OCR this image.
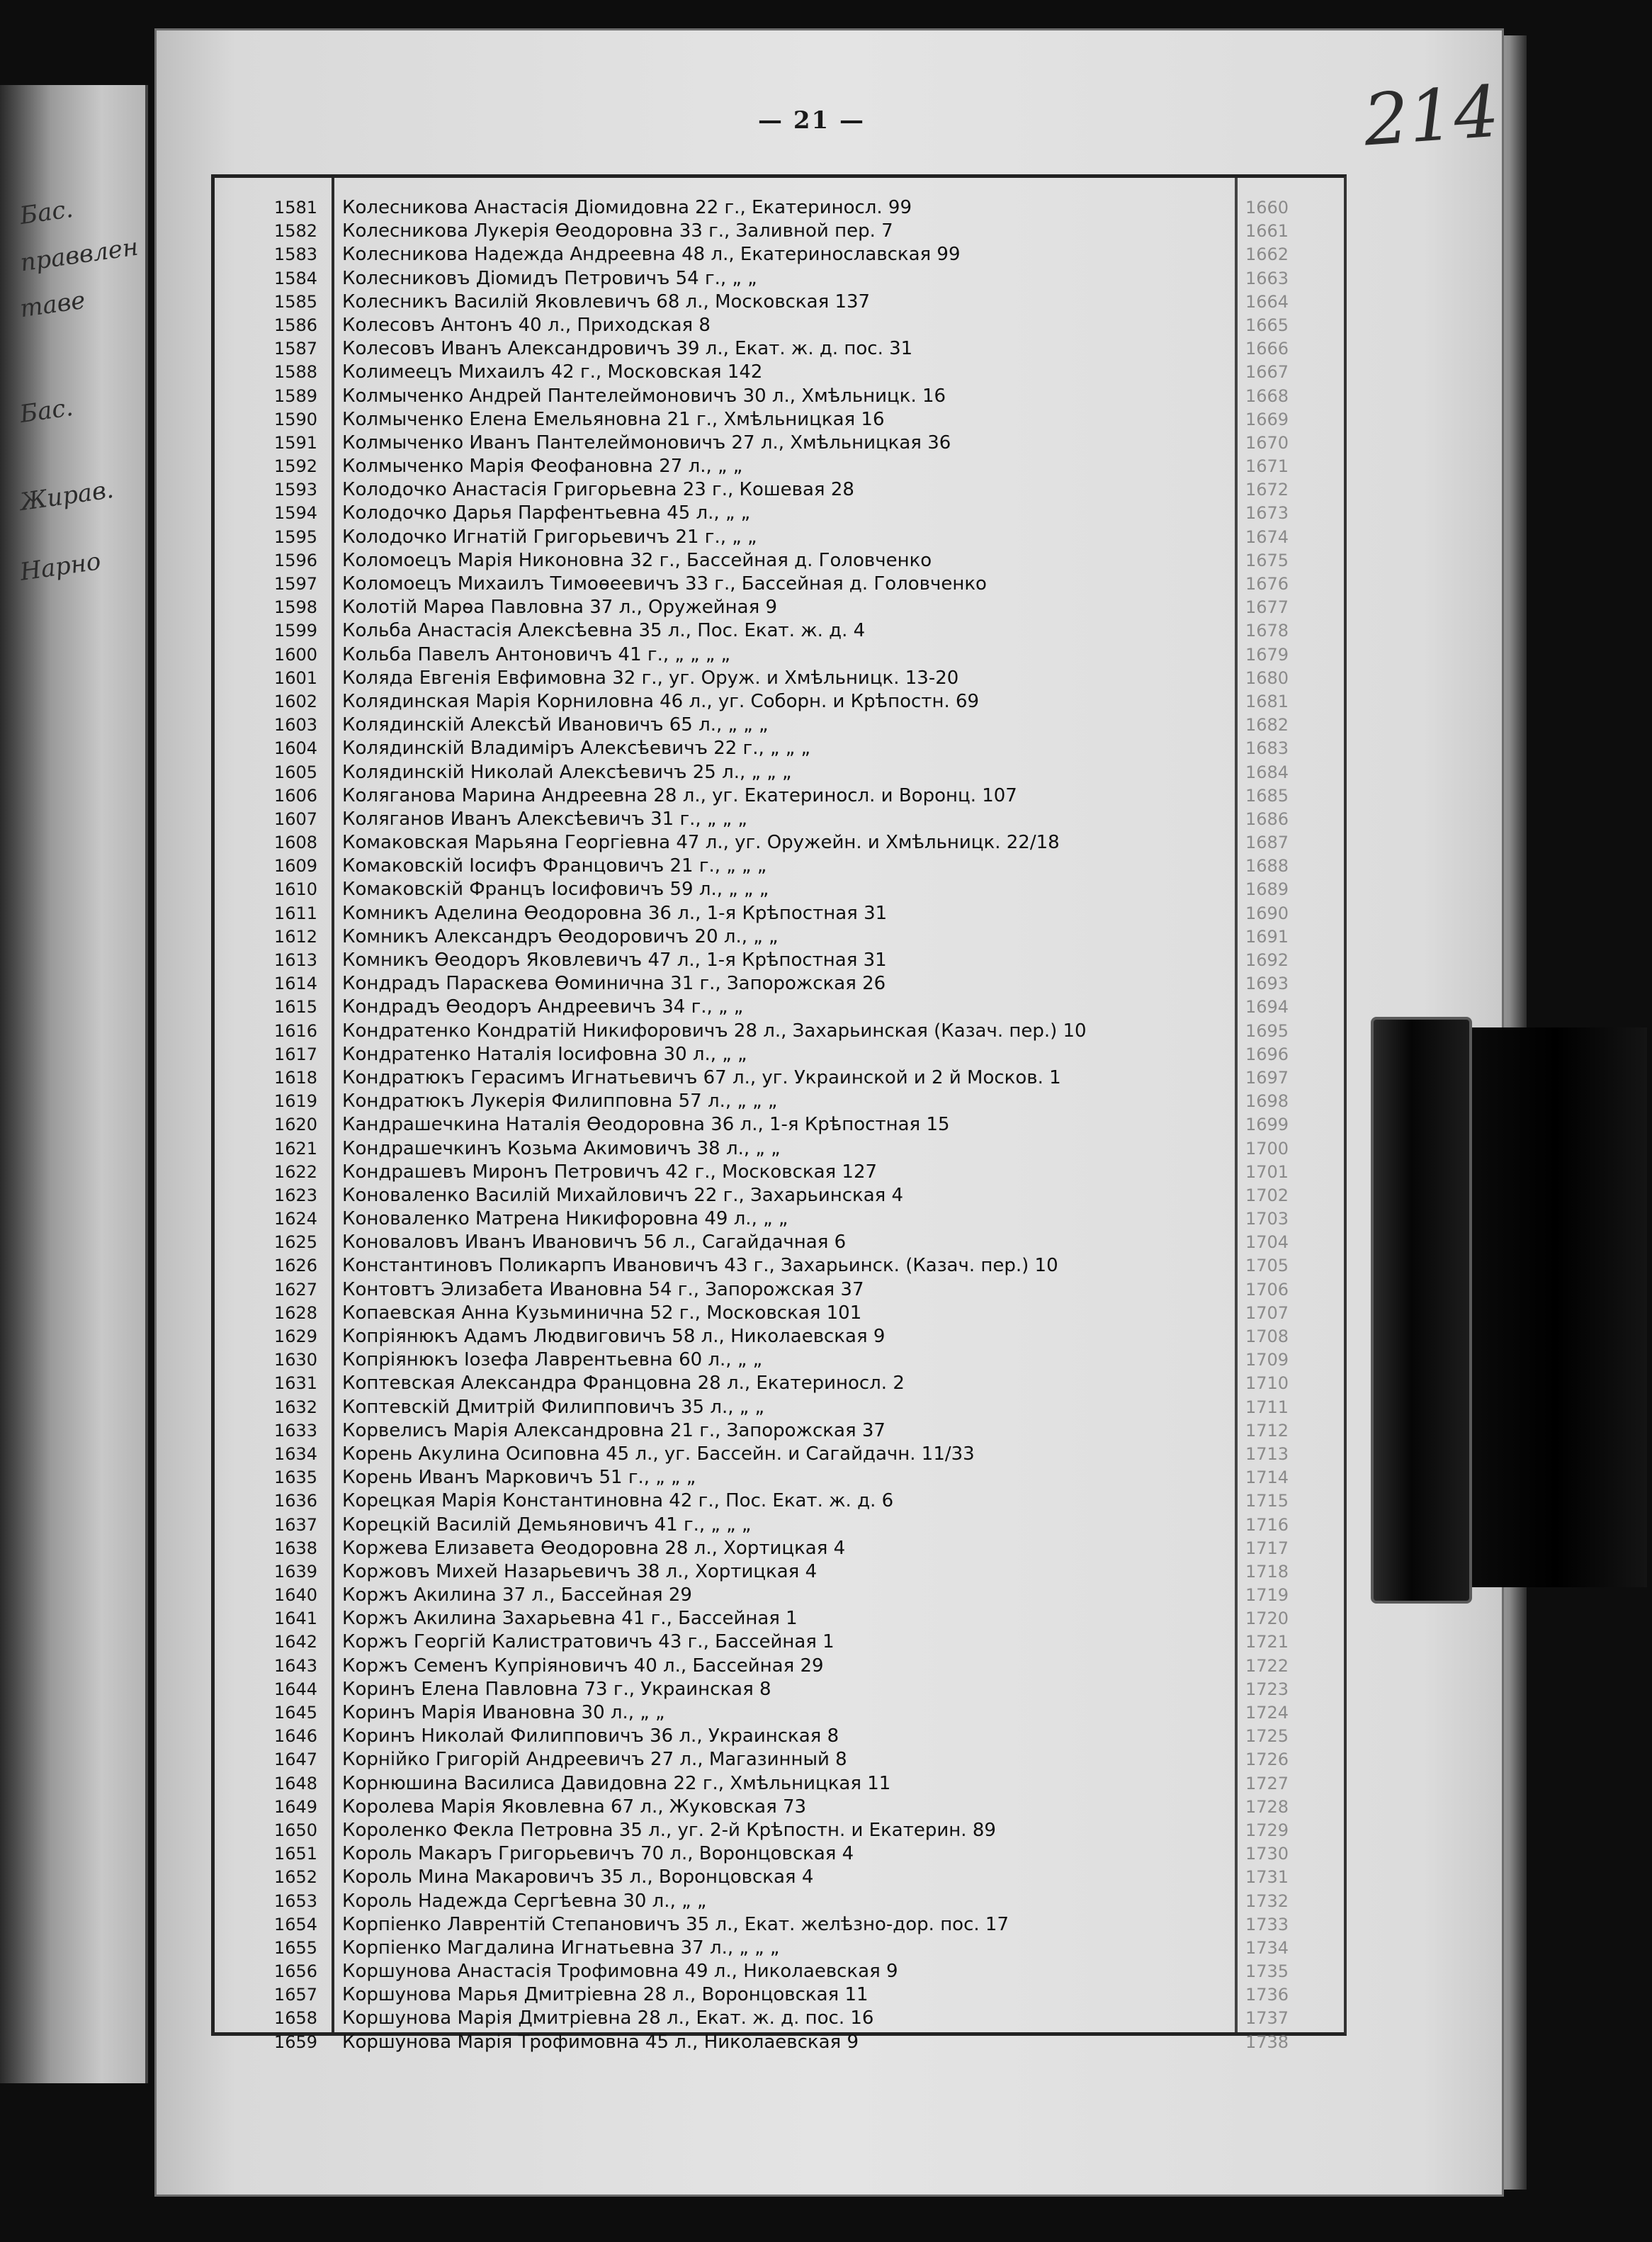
Бас.
праввлен
таве
Бас.
Жирав.
Нарно
— 21 —	214
1581 Колесникова Анастасія Діомидовна 22 г., Екатериносл. 99
1582 Колесникова Лукерія Өеодоровна 33 г., Заливной пер. 7
1583 Колесникова Надежда Андреевна 48 л., Екатеринославская 99
1584 Колесниковъ Діомидъ Петровичъ 54 г., „ „
1585 Колесникъ Василій Яковлевичъ 68 л., Московская 137
1586 Колесовъ Антонъ 40 л., Приходская 8
1587 Колесовъ Иванъ Александровичъ 39 л., Екат. ж. д. пос. 31
1588 Колимеецъ Михаилъ 42 г., Московская 142
1589 Колмыченко Андрей Пантелеймоновичъ 30 л., Хмѣльницк. 16
1590 Колмыченко Елена Емельяновна 21 г., Хмѣльницкая 16
1591 Колмыченко Иванъ Пантелеймоновичъ 27 л., Хмѣльницкая 36
1592 Колмыченко Марія Феофановна 27 л., „ „
1593 Колодочко Анастасія Григорьевна 23 г., Кошевая 28
1594 Колодочко Дарья Парфентьевна 45 л., „ „
1595 Колодочко Игнатій Григорьевичъ 21 г., „ „
1596 Коломоецъ Марія Никоновна 32 г., Бассейная д. Головченко
1597 Коломоецъ Михаилъ Тимоѳеевичъ 33 г., Бассейная д. Головченко
1598 Колотій Марѳа Павловна 37 л., Оружейная 9
1599 Кольба Анастасія Алексѣевна 35 л., Пос. Екат. ж. д. 4
1600 Кольба Павелъ Антоновичъ 41 г., „ „ „ „
1601 Коляда Евгенія Евфимовна 32 г., уг. Оруж. и Хмѣльницк. 13-20
1602 Колядинская Марія Корниловна 46 л., уг. Соборн. и Крѣпостн. 69
1603 Колядинскій Алексѣй Ивановичъ 65 л., „ „ „
1604 Колядинскій Владиміръ Алексѣевичъ 22 г., „ „ „
1605 Колядинскій Николай Алексѣевичъ 25 л., „ „ „
1606 Коляганова Марина Андреевна 28 л., уг. Екатериносл. и Воронц. 107
1607 Коляганов Иванъ Алексѣевичъ 31 г., „ „ „
1608 Комаковская Марьяна Георгіевна 47 л., уг. Оружейн. и Хмѣльницк. 22/18
1609 Комаковскій Іосифъ Францовичъ 21 г., „ „ „
1610 Комаковскій Францъ Іосифовичъ 59 л., „ „ „
1611 Комникъ Аделина Өеодоровна 36 л., 1-я Крѣпостная 31
1612 Комникъ Александръ Өеодоровичъ 20 л., „ „
1613 Комникъ Өеодоръ Яковлевичъ 47 л., 1-я Крѣпостная 31
1614 Кондрадъ Параскева Өоминична 31 г., Запорожская 26
1615 Кондрадъ Өеодоръ Андреевичъ 34 г., „ „
1616 Кондратенко Кондратій Никифоровичъ 28 л., Захарьинская (Казач. пер.) 10
1617 Кондратенко Наталія Іосифовна 30 л., „ „
1618 Кондратюкъ Герасимъ Игнатьевичъ 67 л., уг. Украинской и 2 й Москов. 1
1619 Кондратюкъ Лукерія Филипповна 57 л., „ „ „
1620 Кандрашечкина Наталія Өеодоровна 36 л., 1-я Крѣпостная 15
1621 Кондрашечкинъ Козьма Акимовичъ 38 л., „ „
1622 Кондрашевъ Миронъ Петровичъ 42 г., Московская 127
1623 Коноваленко Василій Михайловичъ 22 г., Захарьинская 4
1624 Коноваленко Матрена Никифоровна 49 л., „ „
1625 Коноваловъ Иванъ Ивановичъ 56 л., Сагайдачная 6
1626 Константиновъ Поликарпъ Ивановичъ 43 г., Захарьинск. (Казач. пер.) 10
1627 Контовтъ Элизабета Ивановна 54 г., Запорожская 37
1628 Копаевская Анна Кузьминична 52 г., Московская 101
1629 Копріянюкъ Адамъ Людвиговичъ 58 л., Николаевская 9
1630 Копріянюкъ Іозефа Лаврентьевна 60 л., „ „
1631 Коптевская Александра Францовна 28 л., Екатериносл. 2
1632 Коптевскій Дмитрій Филипповичъ 35 л., „ „
1633 Корвелисъ Марія Александровна 21 г., Запорожская 37
1634 Корень Акулина Осиповна 45 л., уг. Бассейн. и Сагайдачн. 11/33
1635 Корень Иванъ Марковичъ 51 г., „ „ „
1636 Корецкая Марія Константиновна 42 г., Пос. Екат. ж. д. 6
1637 Корецкій Василій Демьяновичъ 41 г., „ „ „
1638 Коржева Елизавета Өеодоровна 28 л., Хортицкая 4
1639 Коржовъ Михей Назарьевичъ 38 л., Хортицкая 4
1640 Коржъ Акилина 37 л., Бассейная 29
1641 Коржъ Акилина Захарьевна 41 г., Бассейная 1
1642 Коржъ Георгій Калистратовичъ 43 г., Бассейная 1
1643 Коржъ Семенъ Купріяновичъ 40 л., Бассейная 29
1644 Коринъ Елена Павловна 73 г., Украинская 8
1645 Коринъ Марія Ивановна 30 л., „ „
1646 Коринъ Николай Филипповичъ 36 л., Украинская 8
1647 Корнійко Григорій Андреевичъ 27 л., Магазинный 8
1648 Корнюшина Василиса Давидовна 22 г., Хмѣльницкая 11
1649 Королева Марія Яковлевна 67 л., Жуковская 73
1650 Короленко Фекла Петровна 35 л., уг. 2-й Крѣпостн. и Екатерин. 89
1651 Король Макаръ Григорьевичъ 70 л., Воронцовская 4
1652 Король Мина Макаровичъ 35 л., Воронцовская 4
1653 Король Надежда Сергѣевна 30 л., „ „
1654 Корпіенко Лаврентій Степановичъ 35 л., Екат. желѣзно-дор. пос. 17
1655 Корпіенко Магдалина Игнатьевна 37 л., „ „ „
1656 Коршунова Анастасія Трофимовна 49 л., Николаевская 9
1657 Коршунова Марья Дмитріевна 28 л., Воронцовская 11
1658 Коршунова Марія Дмитріевна 28 л., Екат. ж. д. пос. 16
1659 Коршунова Марія Трофимовна 45 л., Николаевская 9
1660
1661
1662
1663
1664
1665
1666
1667
1668
1669
1670
1671
1672
1673
1674
1675
1676
1677
1678
1679
1680
1681
1682
1683
1684
1685
1686
1687
1688
1689
1690
1691
1692
1693
1694
1695
1696
1697
1698
1699
1700
1701
1702
1703
1704
1705
1706
1707
1708
1709
1710
1711
1712
1713
1714
1715
1716
1717
1718
1719
1720
1721
1722
1723
1724
1725
1726
1727
1728
1729
1730
1731
1732
1733
1734
1735
1736
1737
1738
